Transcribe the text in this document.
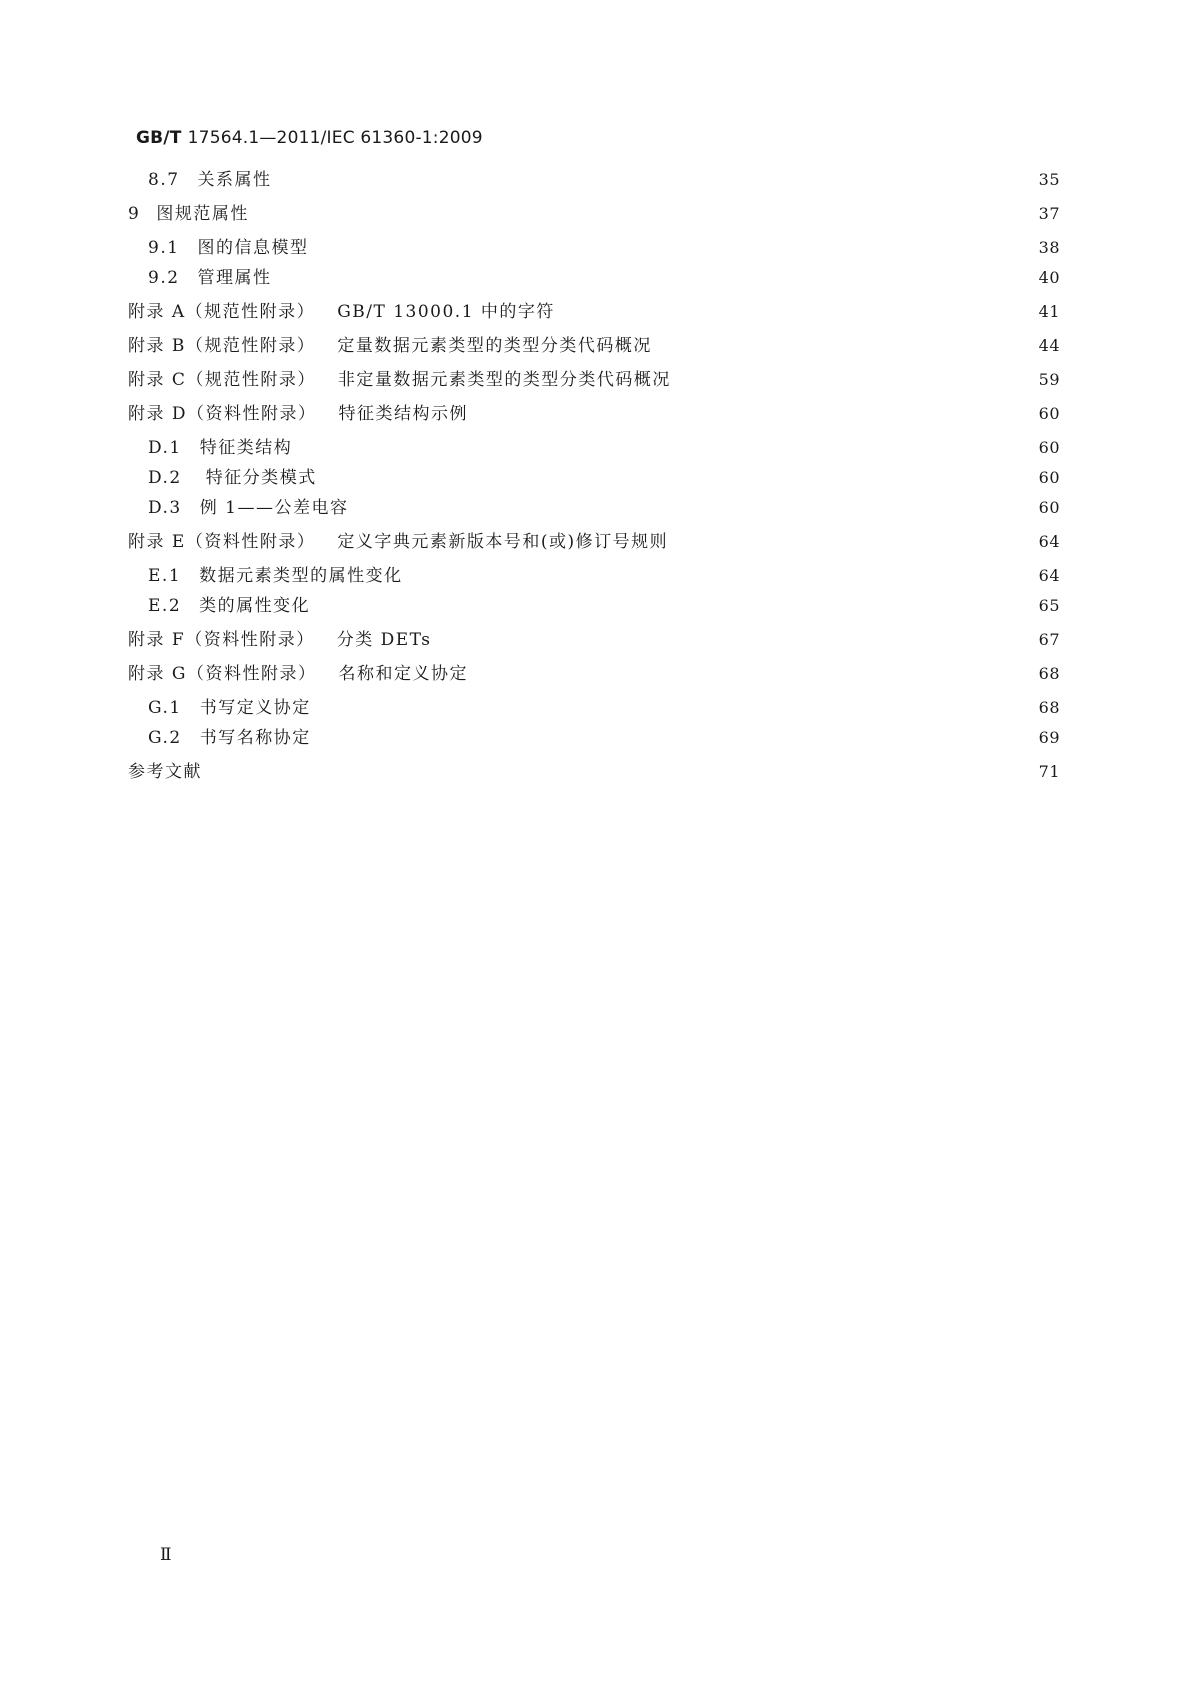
GB/T 17564.1—2011/IEC 61360-1:2009
8.7 关系属性	35
9 图规范属性	37
9.1 图的信息模型	38
9.2 管理属性	40
附录 A（规范性附录） GB/T 13000.1 中的字符	41
附录 B（规范性附录） 定量数据元素类型的类型分类代码概况	44
附录 C（规范性附录） 非定量数据元素类型的类型分类代码概况	59
附录 D（资料性附录） 特征类结构示例	60
D.1 特征类结构	60
D.2 特征分类模式	60
D.3 例 1——公差电容	60
附录 E（资料性附录） 定义字典元素新版本号和(或)修订号规则	64
E.1 数据元素类型的属性变化	64
E.2 类的属性变化	65
附录 F（资料性附录） 分类 DETs	67
附录 G（资料性附录） 名称和定义协定	68
G.1 书写定义协定	68
G.2 书写名称协定	69
参考文献	71
Ⅱ
